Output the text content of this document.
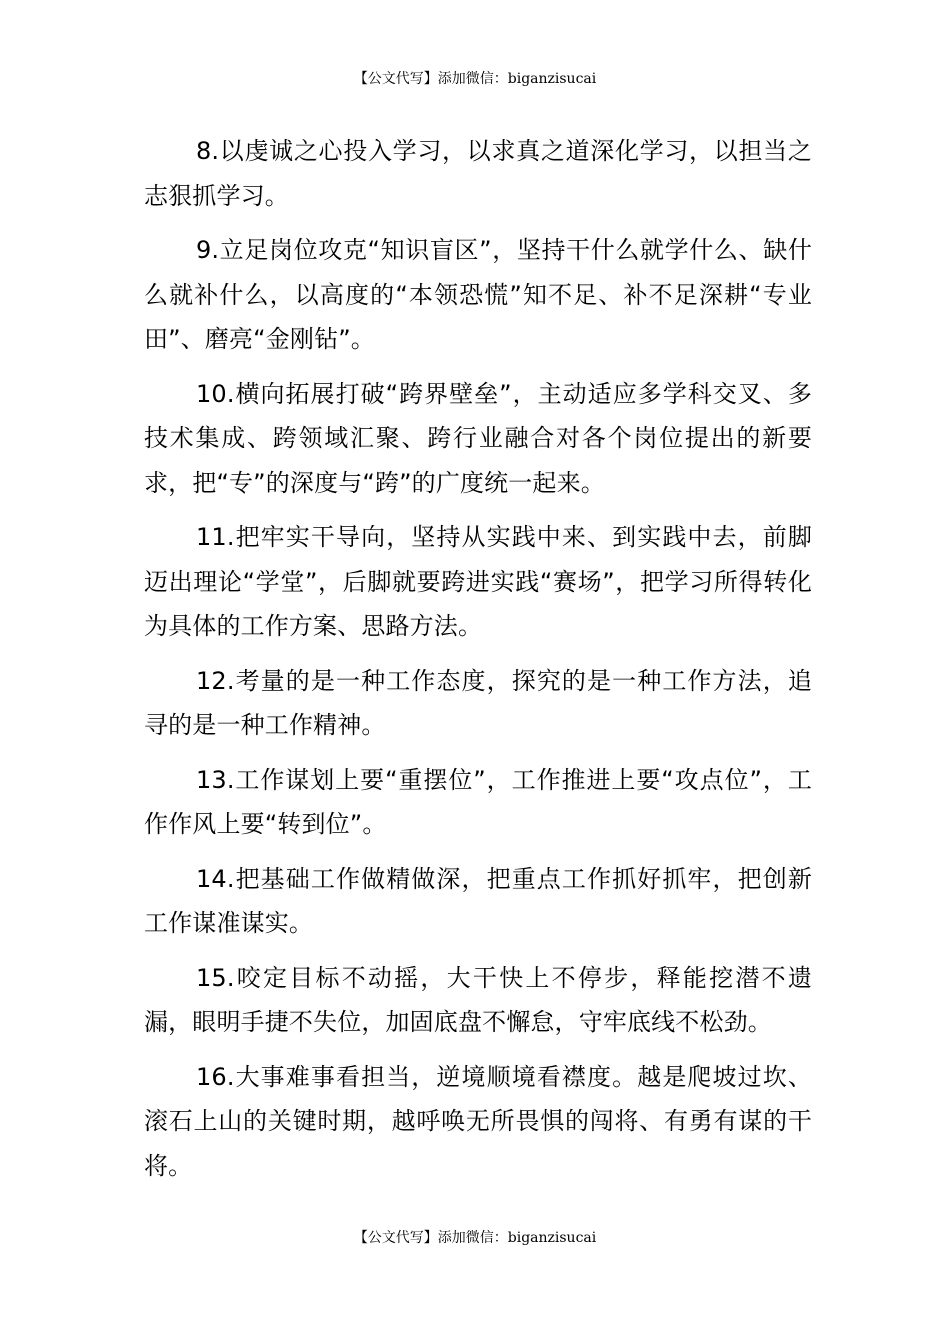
【公文代写】添加微信：biganzisucai

8.以虔诚之心投入学习，以求真之道深化学习，以担当之志狠抓学习。

9.立足岗位攻克“知识盲区”，坚持干什么就学什么、缺什么就补什么，以高度的“本领恐慌”知不足、补不足深耕“专业田”、磨亮“金刚钻”。

10.横向拓展打破“跨界壁垒”，主动适应多学科交叉、多技术集成、跨领域汇聚、跨行业融合对各个岗位提出的新要求，把“专”的深度与“跨”的广度统一起来。

11.把牢实干导向，坚持从实践中来、到实践中去，前脚迈出理论“学堂”，后脚就要跨进实践“赛场”，把学习所得转化为具体的工作方案、思路方法。

12.考量的是一种工作态度，探究的是一种工作方法，追寻的是一种工作精神。

13.工作谋划上要“重摆位”，工作推进上要“攻点位”，工作作风上要“转到位”。

14.把基础工作做精做深，把重点工作抓好抓牢，把创新工作谋准谋实。

15.咬定目标不动摇，大干快上不停步，释能挖潜不遗漏，眼明手捷不失位，加固底盘不懈怠，守牢底线不松劲。

16.大事难事看担当，逆境顺境看襟度。越是爬坡过坎、滚石上山的关键时期，越呼唤无所畏惧的闯将、有勇有谋的干将。

【公文代写】添加微信：biganzisucai
